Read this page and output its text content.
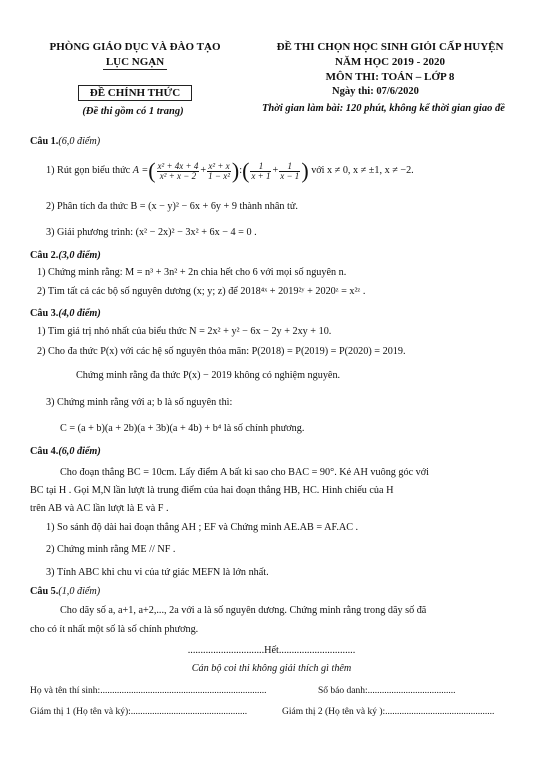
PHÒNG GIÁO DỤC VÀ ĐÀO TẠO
LỤC NGẠN
ĐỀ CHÍNH THỨC
(Đề thi gồm có 1 trang)
ĐỀ THI CHỌN HỌC SINH GIỎI CẤP HUYỆN
NĂM HỌC 2019 - 2020
MÔN THI: TOÁN – LỚP 8
Ngày thi: 07/6/2020
Thời gian làm bài: 120 phút, không kể thời gian giao đề
Câu 1.(6,0 điểm)
1) Rút gọn biểu thức
A = ( $\frac{\text{x² + 4x + 4}}{\text{x² + x − 2}} + \frac{\text{x² + x}}{\text{1 − x²}}$ ) : ( $\frac{1}{x + 1} + \frac{1}{x - 1}$ )
với x ≠ 0, x ≠ ±1, x ≠ −2.
2) Phân tích đa thức B = (x − y)² − 6x + 6y + 9 thành nhân tử.
3) Giải phương trình: (x² − 2x)² − 3x² + 6x − 4 = 0 .
Câu 2.(3,0 điểm)
1) Chứng minh rằng: M = n³ + 3n² + 2n chia hết cho 6 với mọi số nguyên n.
2) Tìm tất cả các bộ số nguyên dương (x; y; z) để 2018⁴ˣ + 2019²ʸ + 2020ᶻ = x²ᶻ .
Câu 3.(4,0 điểm)
1) Tìm giá trị nhỏ nhất của biểu thức N = 2x² + y² − 6x − 2y + 2xy + 10.
2) Cho đa thức P(x) với các hệ số nguyên thỏa mãn: P(2018) = P(2019) = P(2020) = 2019.
Chứng minh rằng đa thức P(x) − 2019 không có nghiệm nguyên.
3) Chứng minh rằng với a; b là số nguyên thì:
C = (a + b)(a + 2b)(a + 3b)(a + 4b) + b⁴ là số chính phương.
Câu 4.(6,0 điểm)
Cho đoạn thẳng BC = 10cm. Lấy điểm A bất kì sao cho BAC = 90°. Kẻ AH vuông góc với
BC tại H . Gọi M,N lần lượt là trung điểm của hai đoạn thẳng HB, HC. Hình chiếu của H
trên AB và AC lần lượt là E và F .
1) So sánh độ dài hai đoạn thẳng AH ; EF và Chứng minh AE.AB = AF.AC .
2) Chứng minh rằng ME // NF .
3) Tính ABC khi chu vi của tứ giác MEFN là lớn nhất.
Câu 5.(1,0 điểm)
Cho dãy số a, a+1, a+2,..., 2a với a là số nguyên dương. Chứng minh rằng trong dãy số đã
cho có ít nhất một số là số chính phương.
..............................Hết..............................
Cán bộ coi thi không giải thích gì thêm
Họ và tên thí sinh:......................................................................	Số báo danh:.....................................
Giám thị 1 (Họ tên và ký):.................................................	Giám thị 2 (Họ tên và ký ):..............................................
